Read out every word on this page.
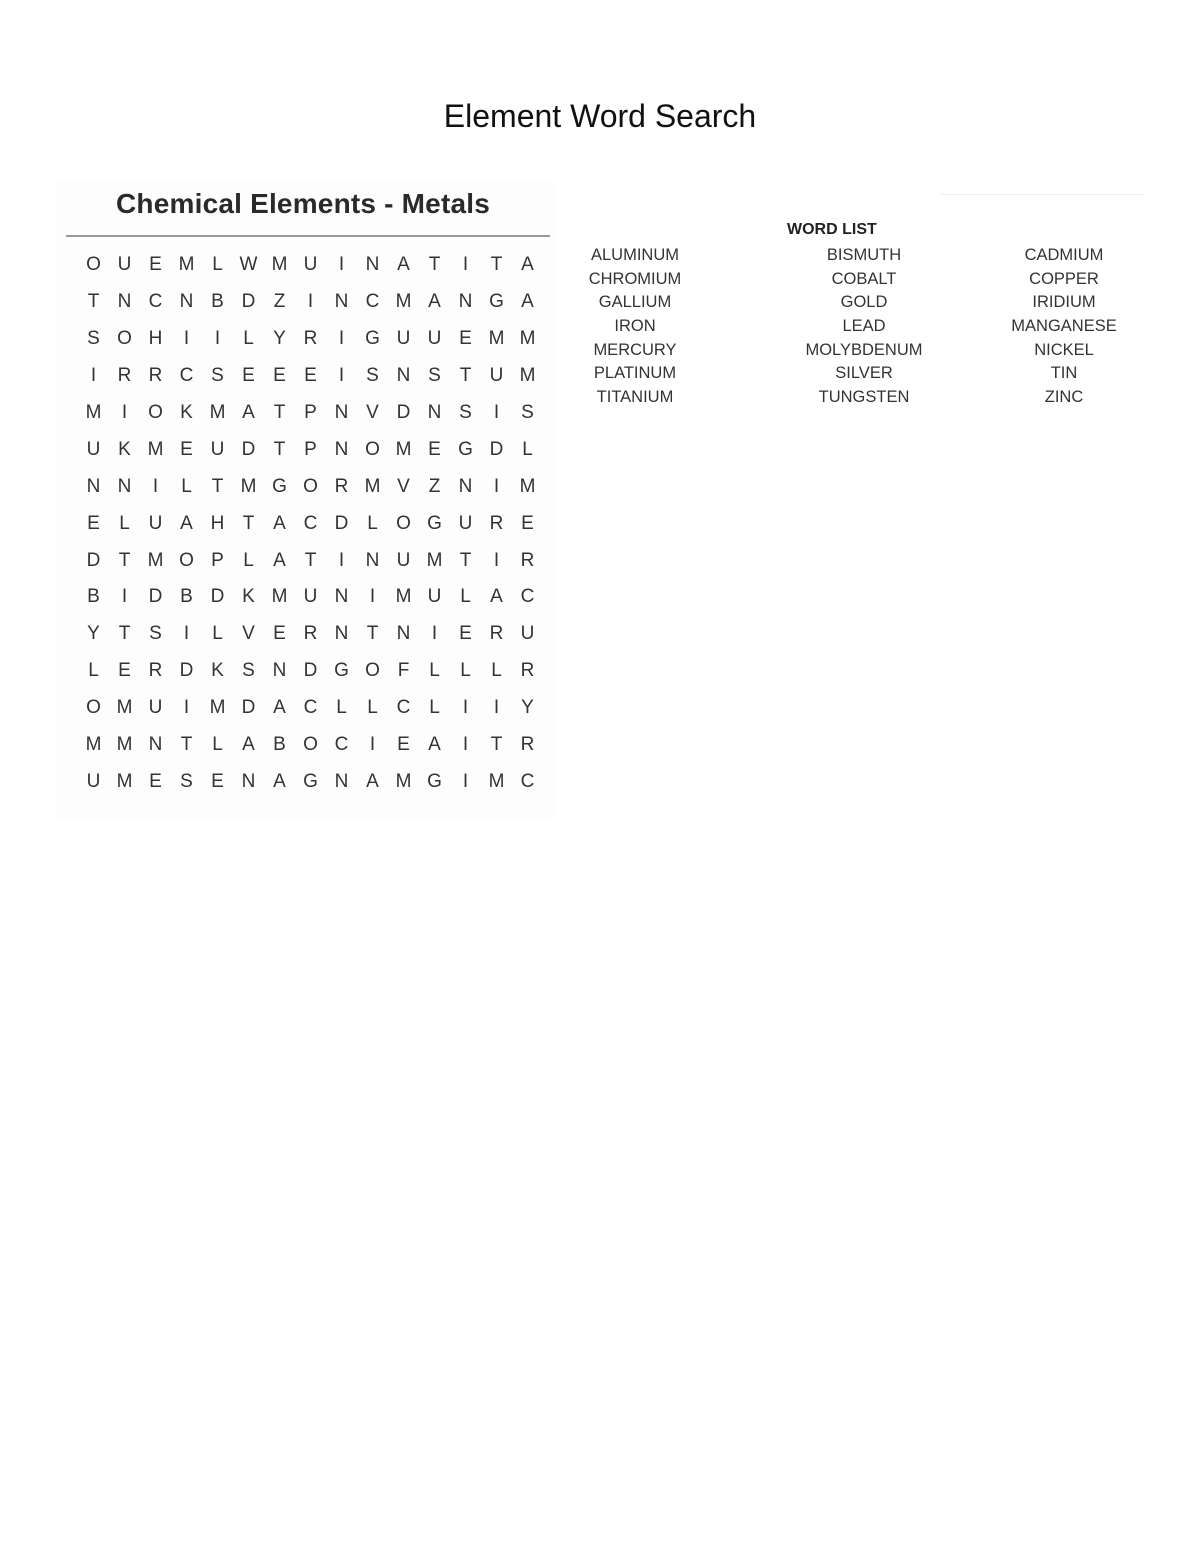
Element Word Search
Chemical Elements - Metals
O U E M L W M U	I	N A T	I	T A
T N C N B D Z	I	N C M A N G A
S O H	I	I	L	Y R	I	G U U E M M
I	R R C S E E E	I	S N S T U M
M	I	O K M A T P N V D N S	I	S
U K M E U D T P N O M E G D L
N N	I	L	T M G O R M V Z N	I	M
E	L U A H T A C D L O G U R E
D T M O P	L	A T	I	N U M T	I	R
B	I	D B D K M U N	I	M U L	A C
Y T S	I	L	V E R N T N	I	E R U
L	E R D K S N D G O F	L	L	L R
O M U	I	M D A C L	L C L	I	I	Y
M M N T	L	A B O C	I	E A	I	T R
U M E S E N A G N A M G	I	M C
WORD LIST
ALUMINUM	BISMUTH	CADMIUM
CHROMIUM	COBALT	COPPER
GALLIUM	GOLD	IRIDIUM
IRON	LEAD	MANGANESE
MERCURY	MOLYBDENUM	NICKEL
PLATINUM	SILVER	TIN
TITANIUM	TUNGSTEN	ZINC
